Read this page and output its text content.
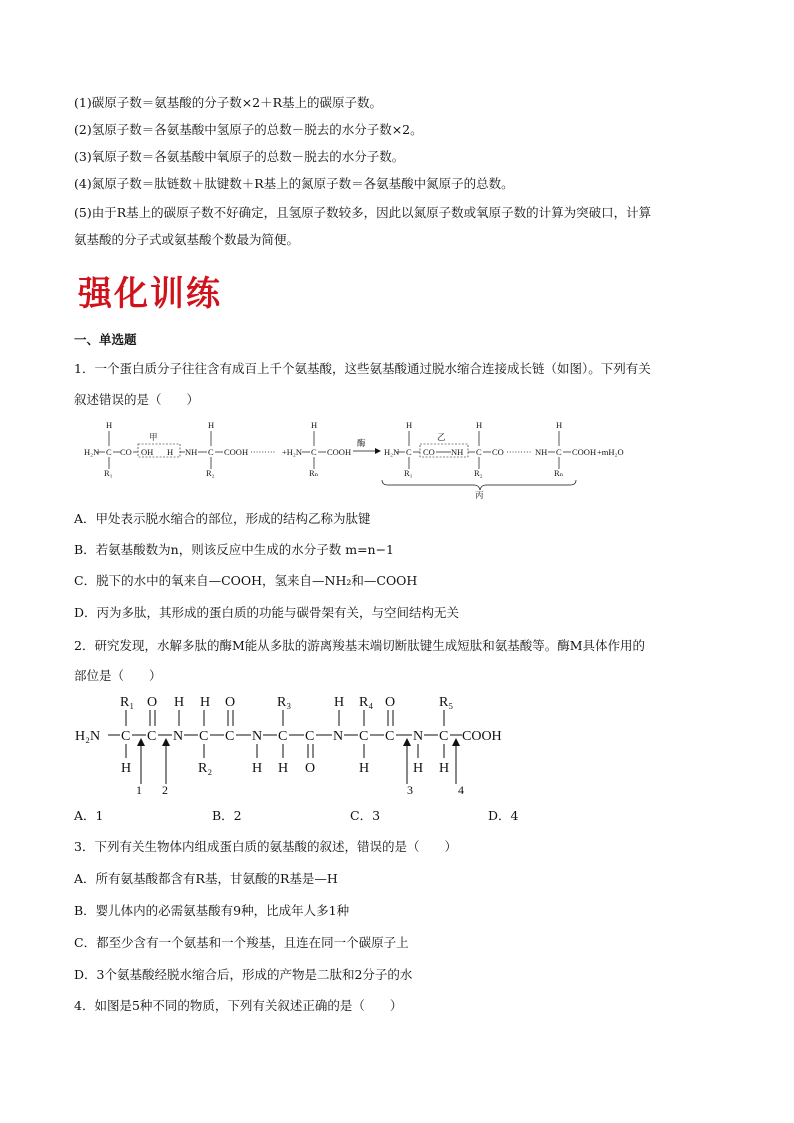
(1)碳原子数＝氨基酸的分子数×2＋R基上的碳原子数。
(2)氢原子数＝各氨基酸中氢原子的总数－脱去的水分子数×2。
(3)氧原子数＝各氨基酸中氧原子的总数－脱去的水分子数。
(4)氮原子数＝肽链数＋肽键数＋R基上的氮原子数＝各氨基酸中氮原子的总数。
(5)由于R基上的碳原子数不好确定，且氢原子数较多，因此以氮原子数或氧原子数的计算为突破口，计算
氨基酸的分子式或氨基酸个数最为简便。
强化训练
一、单选题
1．一个蛋白质分子往往含有成百上千个氨基酸，这些氨基酸通过脱水缩合连接成长链（如图）。下列有关
叙述错误的是（　　）
H₂N C
H
R₁
CO
甲
OH H NH C
H
R₂
COOH ········· +H₂N C
H
Rₙ
COOH
酶
H₂N C
H
R₁
乙
CO NH C
H
R₂
CO ········· NH C
H
Rₙ
COOH +mH₂O
丙
A．甲处表示脱水缩合的部位，形成的结构乙称为肽键
B．若氨基酸数为n，则该反应中生成的水分子数 m=n−1
C．脱下的水中的氧来自—COOH，氢来自—NH₂和—COOH
D．丙为多肽，其形成的蛋白质的功能与碳骨架有关，与空间结构无关
2．研究发现，水解多肽的酶M能从多肽的游离羧基末端切断肽键生成短肽和氨基酸等。酶M具体作用的
部位是（　　）
H₂N C
R₁
H
C
O
N
H
C
H
R₂
C
O
N
H
C
R₃
H
C
O
N
H
C
R₄
H
C
O
N
H
C
R₅
H
COOH
1 2	3	4
A．1	B．2	C．3	D．4
3．下列有关生物体内组成蛋白质的氨基酸的叙述，错误的是（　　）
A．所有氨基酸都含有R基，甘氨酸的R基是—H
B．婴儿体内的必需氨基酸有9种，比成年人多1种
C．都至少含有一个氨基和一个羧基，且连在同一个碳原子上
D．3个氨基酸经脱水缩合后，形成的产物是二肽和2分子的水
4．如图是5种不同的物质，下列有关叙述正确的是（　　）
